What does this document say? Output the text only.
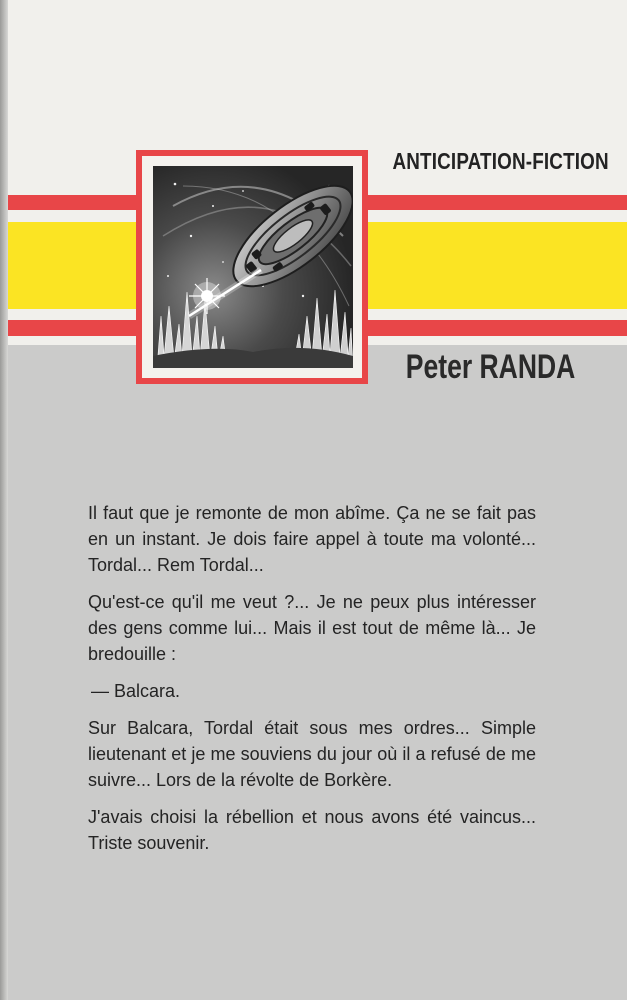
ANTICIPATION-FICTION
Peter RANDA

Il faut que je remonte de mon abîme. Ça ne se fait pas en un instant. Je dois faire appel à toute ma volonté... Tordal... Rem Tordal...

Qu'est-ce qu'il me veut ?... Je ne peux plus intéresser des gens comme lui... Mais il est tout de même là... Je bredouille :

— Balcara.

Sur Balcara, Tordal était sous mes ordres... Simple lieutenant et je me souviens du jour où il a refusé de me suivre... Lors de la révolte de Borkère.

J'avais choisi la rébellion et nous avons été vaincus... Triste souvenir.
